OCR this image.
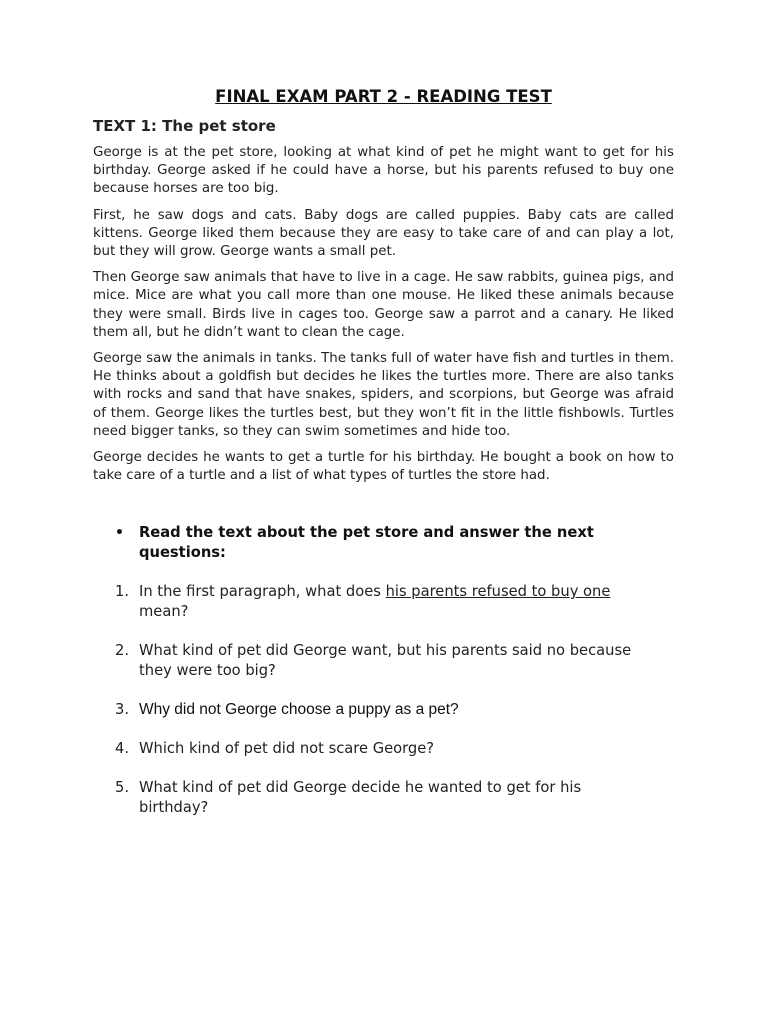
FINAL EXAM PART 2 - READING TEST
TEXT 1: The pet store

George is at the pet store, looking at what kind of pet he might want to get for his birthday. George asked if he could have a horse, but his parents refused to buy one because horses are too big.

First, he saw dogs and cats. Baby dogs are called puppies. Baby cats are called kittens. George liked them because they are easy to take care of and can play a lot, but they will grow. George wants a small pet.

Then George saw animals that have to live in a cage. He saw rabbits, guinea pigs, and mice. Mice are what you call more than one mouse. He liked these animals because they were small. Birds live in cages too. George saw a parrot and a canary. He liked them all, but he didn’t want to clean the cage.

George saw the animals in tanks. The tanks full of water have fish and turtles in them. He thinks about a goldfish but decides he likes the turtles more. There are also tanks with rocks and sand that have snakes, spiders, and scorpions, but George was afraid of them. George likes the turtles best, but they won’t fit in the little fishbowls. Turtles need bigger tanks, so they can swim sometimes and hide too.

George decides he wants to get a turtle for his birthday. He bought a book on how to take care of a turtle and a list of what types of turtles the store had.

•	Read the text about the pet store and answer the next questions:
1. In the first paragraph, what does his parents refused to buy one mean?
2. What kind of pet did George want, but his parents said no because they were too big?
3. Why did not George choose a puppy as a pet?
4. Which kind of pet did not scare George?
5. What kind of pet did George decide he wanted to get for his birthday?
